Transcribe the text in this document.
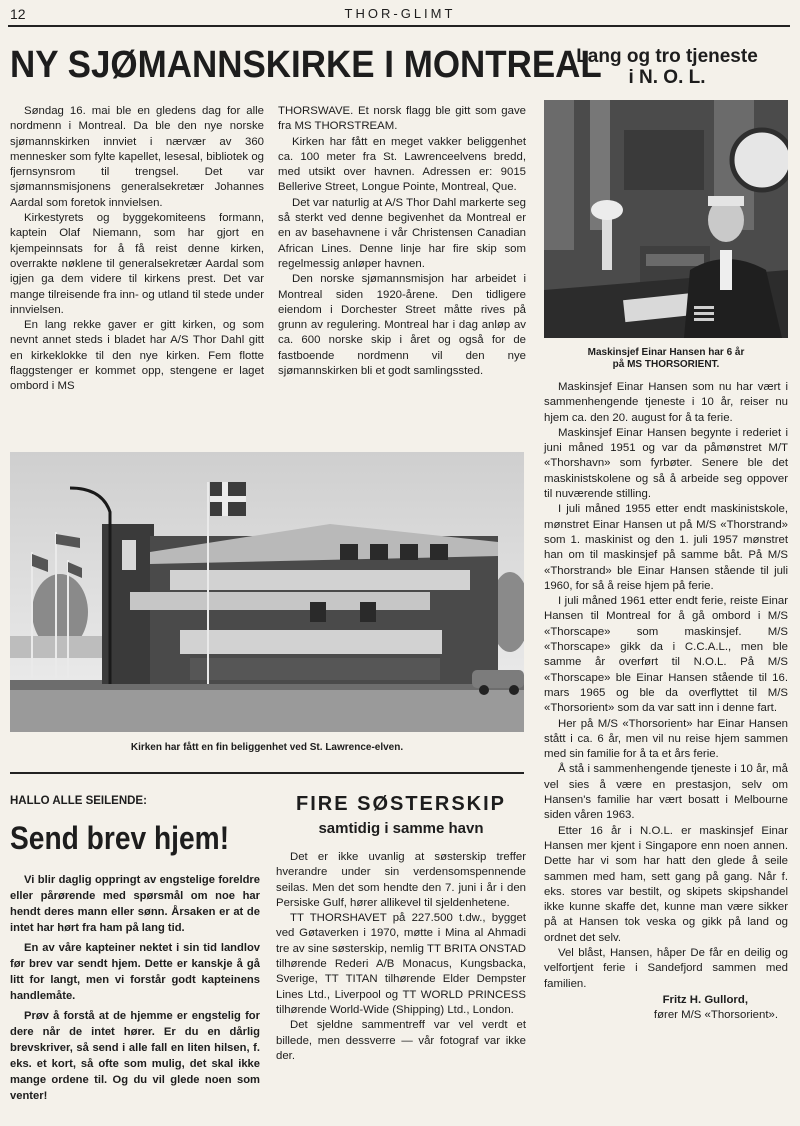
12	THOR-GLIMT
NY SJØMANNSKIRKE I MONTREAL

Søndag 16. mai ble en gledens dag for alle nordmenn i Montreal. Da ble den nye norske sjømannskirken innviet i nærvær av 360 mennesker som fylte kapellet, lesesal, bibliotek og fjernsynsrom til trengsel. Det var sjømannsmisjonens generalsekretær Johannes Aardal som foretok innvielsen.

Kirkestyrets og byggekomiteens formann, kaptein Olaf Niemann, som har gjort en kjempeinnsats for å få reist denne kirken, overrakte nøklene til generalsekretær Aardal som igjen ga dem videre til kirkens prest. Det var mange tilreisende fra inn- og utland til stede under innvielsen.

En lang rekke gaver er gitt kirken, og som nevnt annet steds i bladet har A/S Thor Dahl gitt en kirkeklokke til den nye kirken. Fem flotte flaggstenger er kommet opp, stengene er laget ombord i MS

THORSWAVE. Et norsk flagg ble gitt som gave fra MS THORSTREAM.

Kirken har fått en meget vakker beliggenhet ca. 100 meter fra St. Lawrenceelvens bredd, med utsikt over havnen. Adressen er: 9015 Bellerive Street, Longue Pointe, Montreal, Que.

Det var naturlig at A/S Thor Dahl markerte seg så sterkt ved denne begivenhet da Montreal er en av basehavnene i vår Christensen Canadian African Lines. Denne linje har fire skip som regelmessig anløper havnen.

Den norske sjømannsmisjon har arbeidet i Montreal siden 1920-årene. Den tidligere eiendom i Dorchester Street måtte rives på grunn av regulering. Montreal har i dag anløp av ca. 600 norske skip i året og også for de fastboende nordmenn vil den nye sjømannskirken bli et godt samlingssted.

Kirken har fått en fin beliggenhet ved St. Lawrence-elven.
Lang og tro tjeneste
i N. O. L.
Maskinsjef Einar Hansen har 6 år
på MS THORSORIENT.

Maskinsjef Einar Hansen som nu har vært i sammenhengende tjeneste i 10 år, reiser nu hjem ca. den 20. august for å ta ferie.

Maskinsjef Einar Hansen begynte i rederiet i juni måned 1951 og var da påmønstret M/T «Thorshavn» som fyrbøter. Senere ble det maskinistskolene og så å arbeide seg oppover til nuværende stilling.

I juli måned 1955 etter endt maskinistskole, mønstret Einar Hansen ut på M/S «Thorstrand» som 1. maskinist og den 1. juli 1957 mønstret han om til maskinsjef på samme båt. På M/S «Thorstrand» ble Einar Hansen stående til juli 1960, for så å reise hjem på ferie.

I juli måned 1961 etter endt ferie, reiste Einar Hansen til Montreal for å gå ombord i M/S «Thorscape» som maskinsjef. M/S «Thorscape» gikk da i C.C.A.L., men ble samme år overført til N.O.L. På M/S «Thorscape» ble Einar Hansen stående til 16. mars 1965 og ble da overflyttet til M/S «Thorsorient» som da var satt inn i denne fart.

Her på M/S «Thorsorient» har Einar Hansen stått i ca. 6 år, men vil nu reise hjem sammen med sin familie for å ta et års ferie.

Å stå i sammenhengende tjeneste i 10 år, må vel sies å være en prestasjon, selv om Hansen's familie har vært bosatt i Melbourne siden våren 1963.

Etter 16 år i N.O.L. er maskinsjef Einar Hansen mer kjent i Singapore enn noen annen. Dette har vi som har hatt den glede å seile sammen med ham, sett gang på gang. Når f. eks. stores var bestilt, og skipets skipshandel ikke kunne skaffe det, kunne man være sikker på at Hansen tok veska og gikk på land og ordnet det selv.

Vel blåst, Hansen, håper De får en deilig og velfortjent ferie i Sandefjord sammen med familien.

Fritz H. Gullord,
fører M/S «Thorsorient».
HALLO ALLE SEILENDE:
Send brev hjem!

Vi blir daglig oppringt av engstelige foreldre eller pårørende med spørsmål om noe har hendt deres mann eller sønn. Årsaken er at de intet har hørt fra ham på lang tid.

En av våre kapteiner nektet i sin tid landlov før brev var sendt hjem. Dette er kanskje å gå litt for langt, men vi forstår godt kapteinens handlemåte.

Prøv å forstå at de hjemme er engstelig for dere når de intet hører. Er du en dårlig brevskriver, så send i alle fall en liten hilsen, f. eks. et kort, så ofte som mulig, det skal ikke mange ordene til. Og du vil glede noen som venter!

FIRE SØSTERSKIP
samtidig i samme havn

Det er ikke uvanlig at søsterskip treffer hverandre under sin verdensomspennende seilas. Men det som hendte den 7. juni i år i den Persiske Gulf, hører allikevel til sjeldenhetene.

TT THORSHAVET på 227.500 t.dw., bygget ved Gøtaverken i 1970, møtte i Mina al Ahmadi tre av sine søsterskip, nemlig TT BRITA ONSTAD tilhørende Rederi A/B Monacus, Kungsbacka, Sverige, TT TITAN tilhørende Elder Dempster Lines Ltd., Liverpool og TT WORLD PRINCESS tilhørende World-Wide (Shipping) Ltd., London.

Det sjeldne sammentreff var vel verdt et billede, men dessverre — vår fotograf var ikke der.
